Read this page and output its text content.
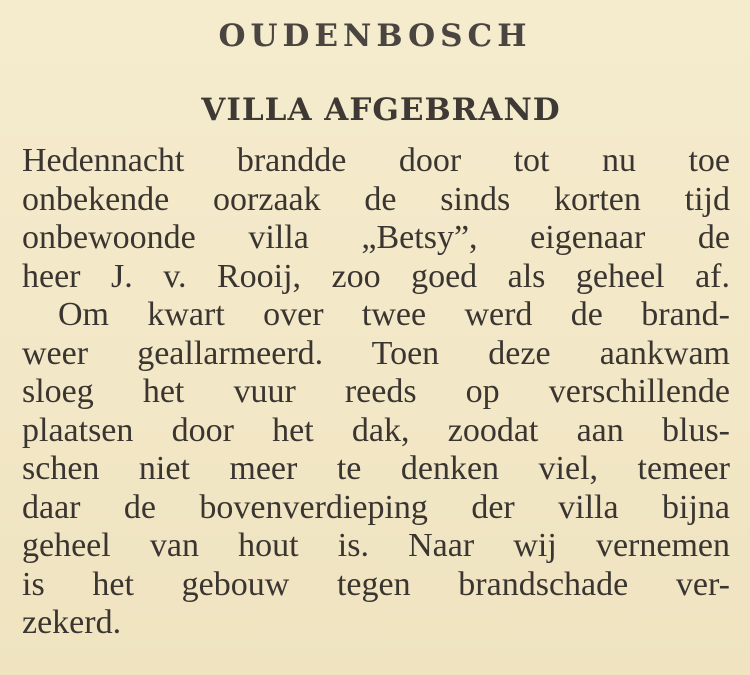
OUDENBOSCH
VILLA AFGEBRAND
Hedennacht brandde door tot nu toe
onbekende oorzaak de sinds korten tijd
onbewoonde villa „Betsy”, eigenaar de
heer J. v. Rooij, zoo goed als geheel af.
Om kwart over twee werd de brand-
weer geallarmeerd. Toen deze aankwam
sloeg het vuur reeds op verschillende
plaatsen door het dak, zoodat aan blus-
schen niet meer te denken viel, temeer
daar de bovenverdieping der villa bijna
geheel van hout is. Naar wij vernemen
is het gebouw tegen brandschade ver-
zekerd.
